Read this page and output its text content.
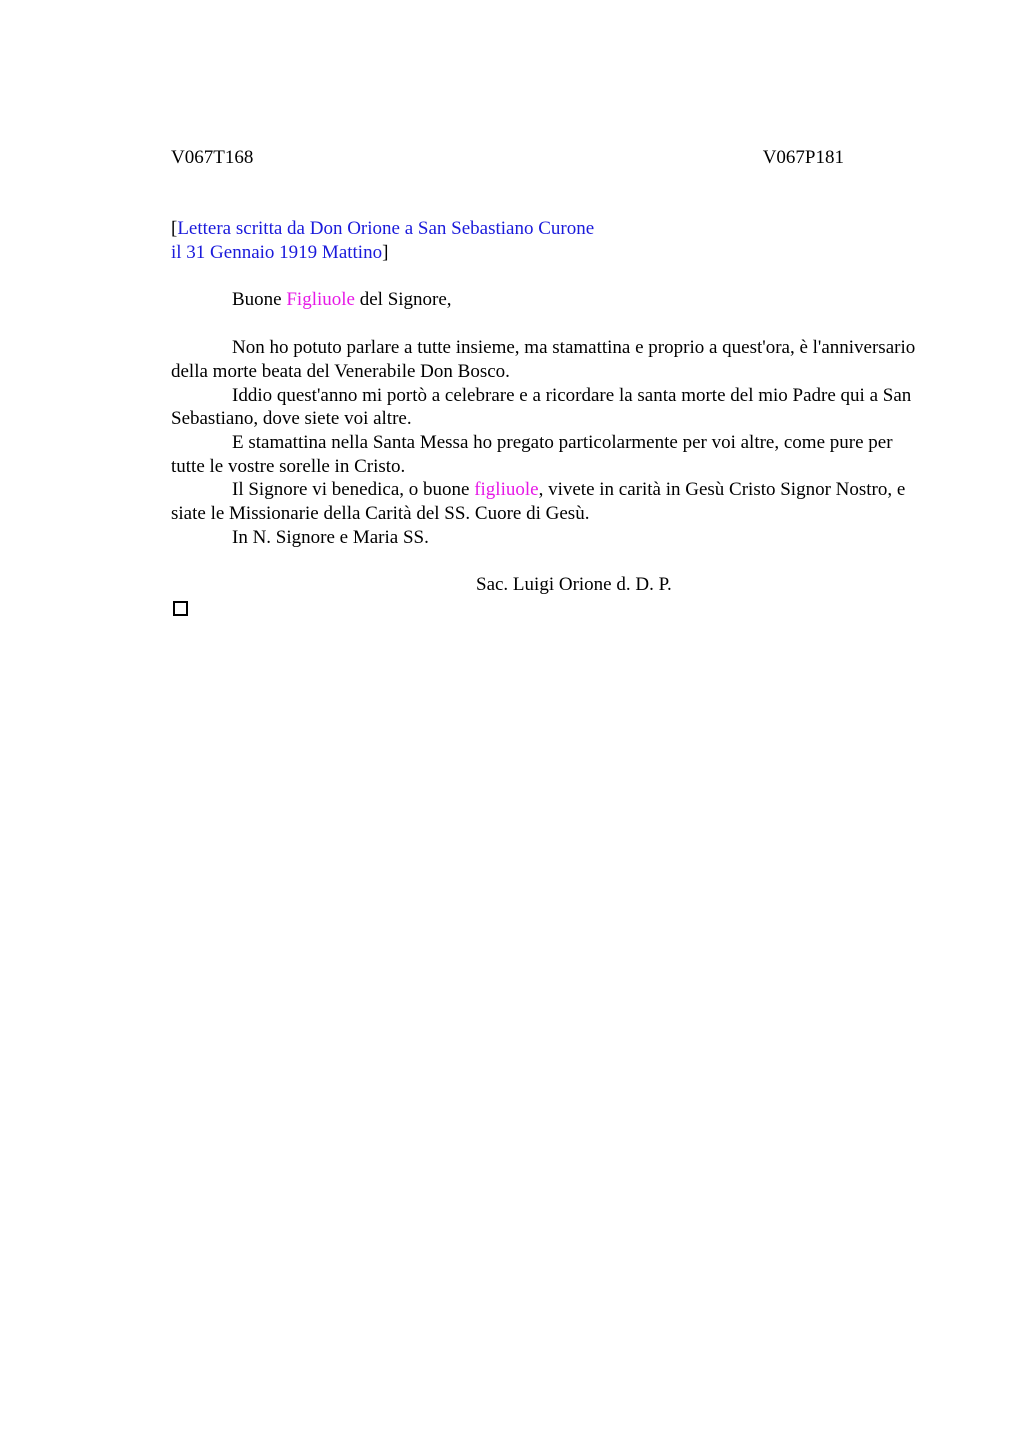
V067T168	V067P181

[Lettera scritta da Don Orione a San Sebastiano Curone
il 31 Gennaio 1919 Mattino]

Buone Figliuole del Signore,

Non ho potuto parlare a tutte insieme, ma stamattina e proprio a quest'ora, è l'anniversario della morte beata del Venerabile Don Bosco.

Iddio quest'anno mi portò a celebrare e a ricordare la santa morte del mio Padre qui a San Sebastiano, dove siete voi altre.

E stamattina nella Santa Messa ho pregato particolarmente per voi altre, come pure per tutte le vostre sorelle in Cristo.

Il Signore vi benedica, o buone figliuole, vivete in carità in Gesù Cristo Signor Nostro, e siate le Missionarie della Carità del SS. Cuore di Gesù.

In N. Signore e Maria SS.

Sac. Luigi Orione d. D. P.
